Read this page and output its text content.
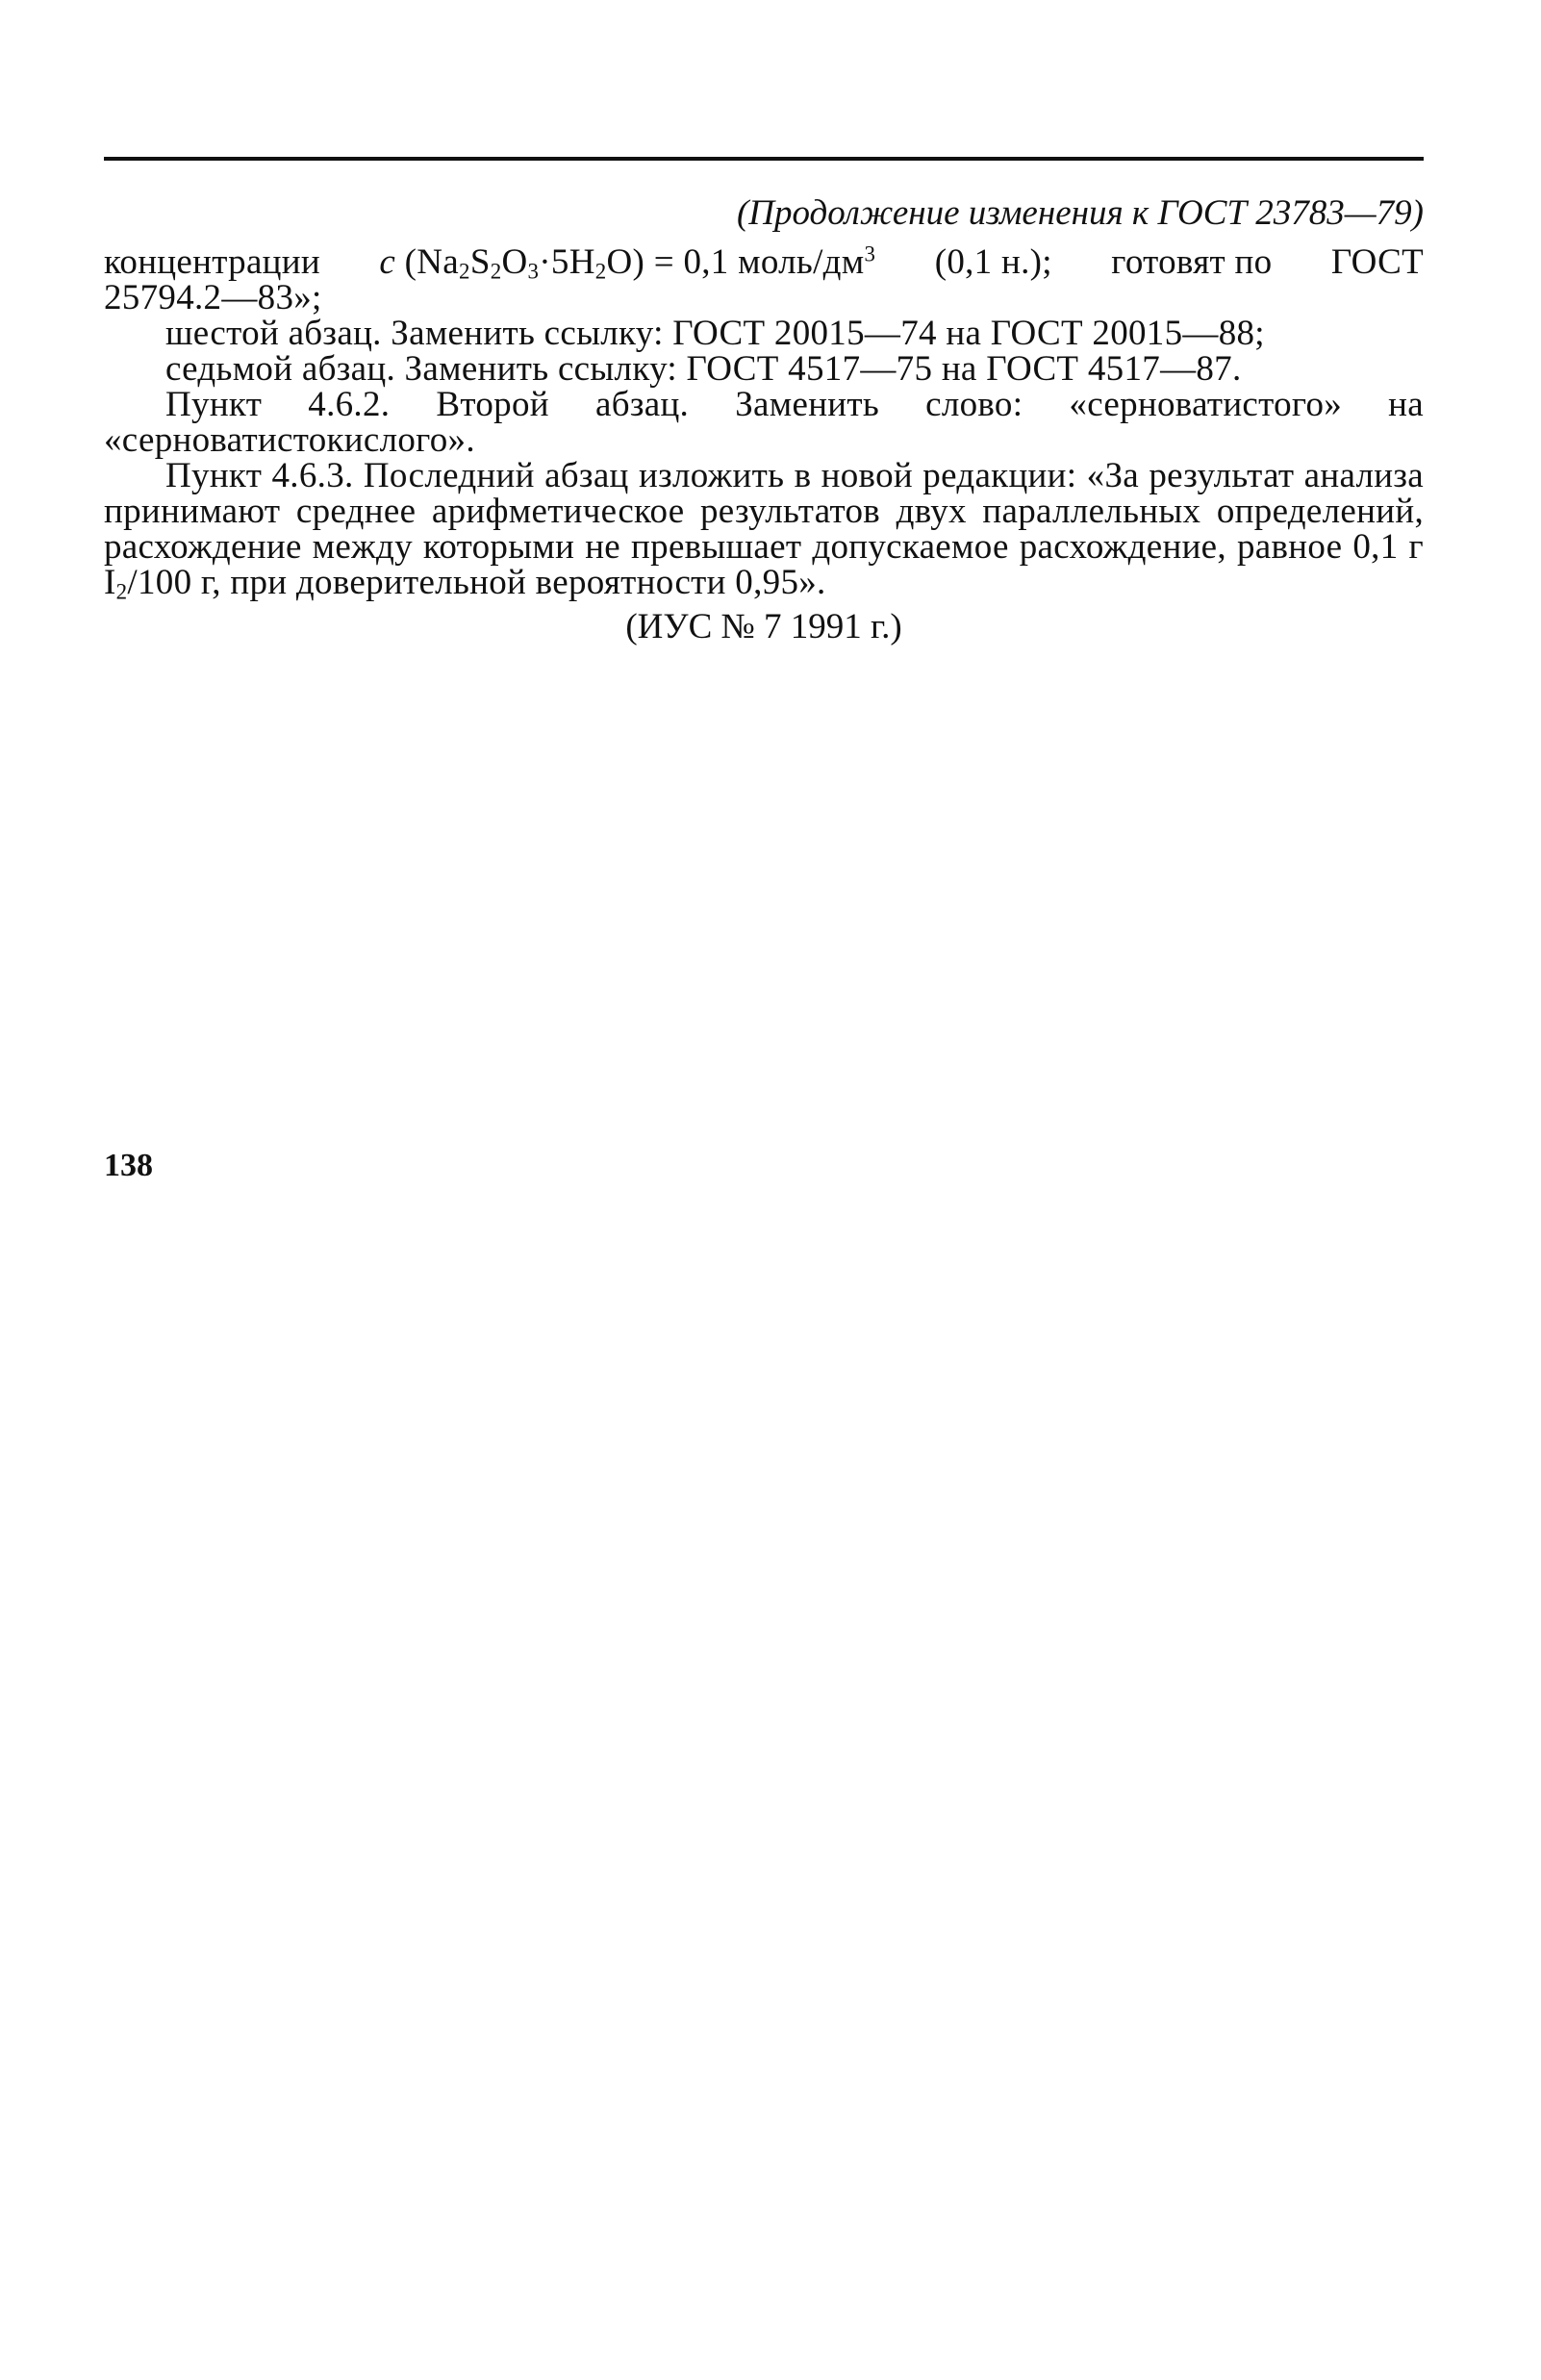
(Продолжение изменения к ГОСТ 23783—79)
концентрации c $(Na_2S_2O_3\cdot 5H_2O) = 0,1$ моль/$дм^3$ (0,1 н.); готовят по ГОСТ

25794.2—83»;

шестой абзац. Заменить ссылку: ГОСТ 20015—74 на ГОСТ 20015—88;

седьмой абзац. Заменить ссылку: ГОСТ 4517—75 на ГОСТ 4517—87.

Пункт 4.6.2. Второй абзац. Заменить слово: «серноватистого» на «серноватистокислого».

Пункт 4.6.3. Последний абзац изложить в новой редакции: «За результат анализа принимают среднее арифметическое результатов двух параллельных определений, расхождение между которыми не превышает допускаемое расхождение, равное 0,1 г $I_2/100$ г, при доверительной вероятности 0,95».

(ИУС № 7 1991 г.)
138
